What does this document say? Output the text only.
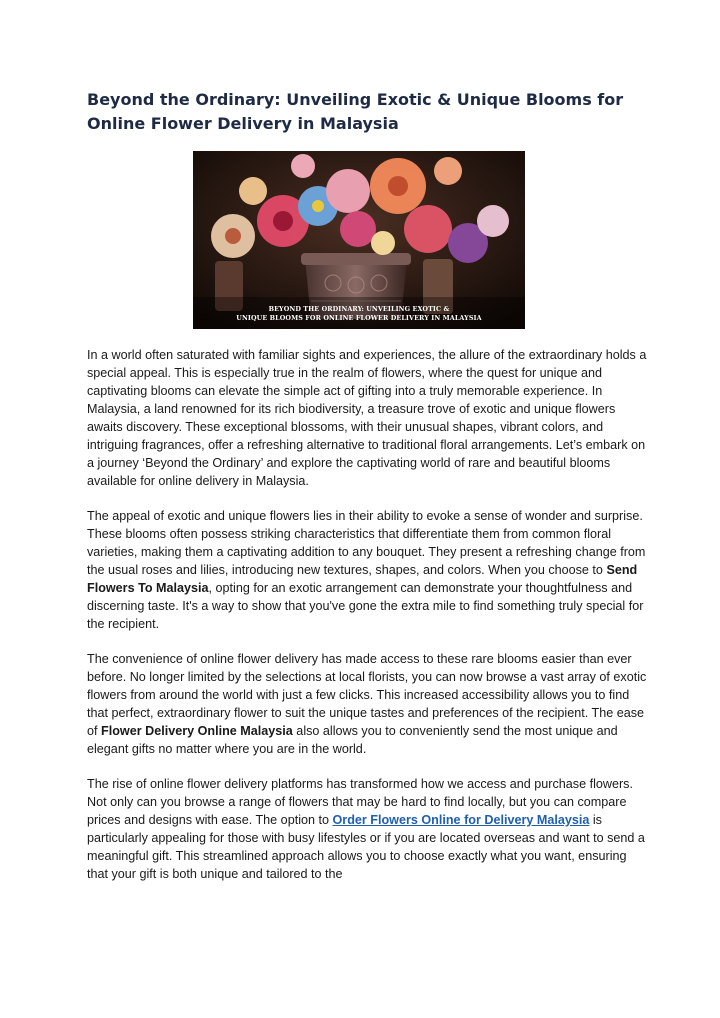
Beyond the Ordinary: Unveiling Exotic & Unique Blooms for Online Flower Delivery in Malaysia
BEYOND THE ORDINARY: UNVEILING EXOTIC &
UNIQUE BLOOMS FOR ONLINE FLOWER DELIVERY IN MALAYSIA

In a world often saturated with familiar sights and experiences, the allure of the extraordinary holds a special appeal. This is especially true in the realm of flowers, where the quest for unique and captivating blooms can elevate the simple act of gifting into a truly memorable experience. In Malaysia, a land renowned for its rich biodiversity, a treasure trove of exotic and unique flowers awaits discovery. These exceptional blossoms, with their unusual shapes, vibrant colors, and intriguing fragrances, offer a refreshing alternative to traditional floral arrangements. Let’s embark on a journey ‘Beyond the Ordinary’ and explore the captivating world of rare and beautiful blooms available for online delivery in Malaysia.

The appeal of exotic and unique flowers lies in their ability to evoke a sense of wonder and surprise. These blooms often possess striking characteristics that differentiate them from common floral varieties, making them a captivating addition to any bouquet. They present a refreshing change from the usual roses and lilies, introducing new textures, shapes, and colors. When you choose to Send Flowers To Malaysia, opting for an exotic arrangement can demonstrate your thoughtfulness and discerning taste. It's a way to show that you've gone the extra mile to find something truly special for the recipient.

The convenience of online flower delivery has made access to these rare blooms easier than ever before. No longer limited by the selections at local florists, you can now browse a vast array of exotic flowers from around the world with just a few clicks. This increased accessibility allows you to find that perfect, extraordinary flower to suit the unique tastes and preferences of the recipient. The ease of Flower Delivery Online Malaysia also allows you to conveniently send the most unique and elegant gifts no matter where you are in the world.

The rise of online flower delivery platforms has transformed how we access and purchase flowers. Not only can you browse a range of flowers that may be hard to find locally, but you can compare prices and designs with ease. The option to Order Flowers Online for Delivery Malaysia is particularly appealing for those with busy lifestyles or if you are located overseas and want to send a meaningful gift. This streamlined approach allows you to choose exactly what you want, ensuring that your gift is both unique and tailored to the
